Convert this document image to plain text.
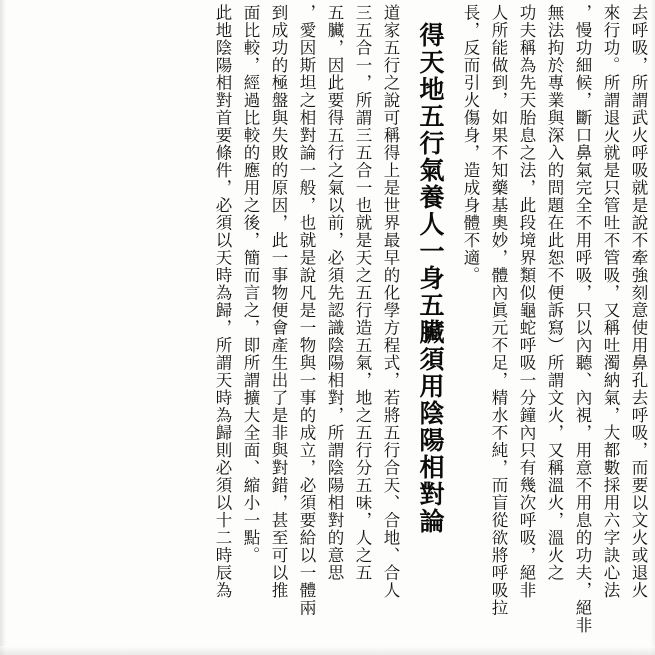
去呼吸，所謂武火呼吸就是說不牽強刻意使用鼻孔去呼吸，而要以文火或退火
來行功。所謂退火就是只管吐不管吸，又稱吐濁納氣，大都數採用六字訣心法
，慢功細候，斷口鼻氣完全不用呼吸，只以內聽、內視，用意不用息的功夫，絕非
無法拘於專業與深入的問題在此恕不便訴寫）所謂文火，又稱溫火，溫火之
功夫稱為先天胎息之法，此段境界類似龜蛇呼吸一分鐘內只有幾次呼吸，絕非
人所能做到，如果不知藥基奧妙，體內眞元不足，精水不純，而盲從欲將呼吸拉
長，反而引火傷身，造成身體不適。
得天地五行氣養人一身五臟須用陰陽相對論
道家五行之說可稱得上是世界最早的化學方程式，若將五行合天、合地、合人
三五合一，所謂三五合一也就是天之五行造五氣，地之五行分五味，人之五
五臟，因此要得五行之氣以前，必須先認識陰陽相對，所謂陰陽相對的意思
，愛因斯坦之相對論一般，也就是說凡是一物與一事的成立，必須要給以一體兩
到成功的極盤與失敗的原因，此一事物便會產生出了是非與對錯，甚至可以推
面比較，經過比較的應用之後，簡而言之，即所謂擴大全面、縮小一點。
此地陰陽相對首要條件，必須以天時為歸，所謂天時為歸則必須以十二時辰為
